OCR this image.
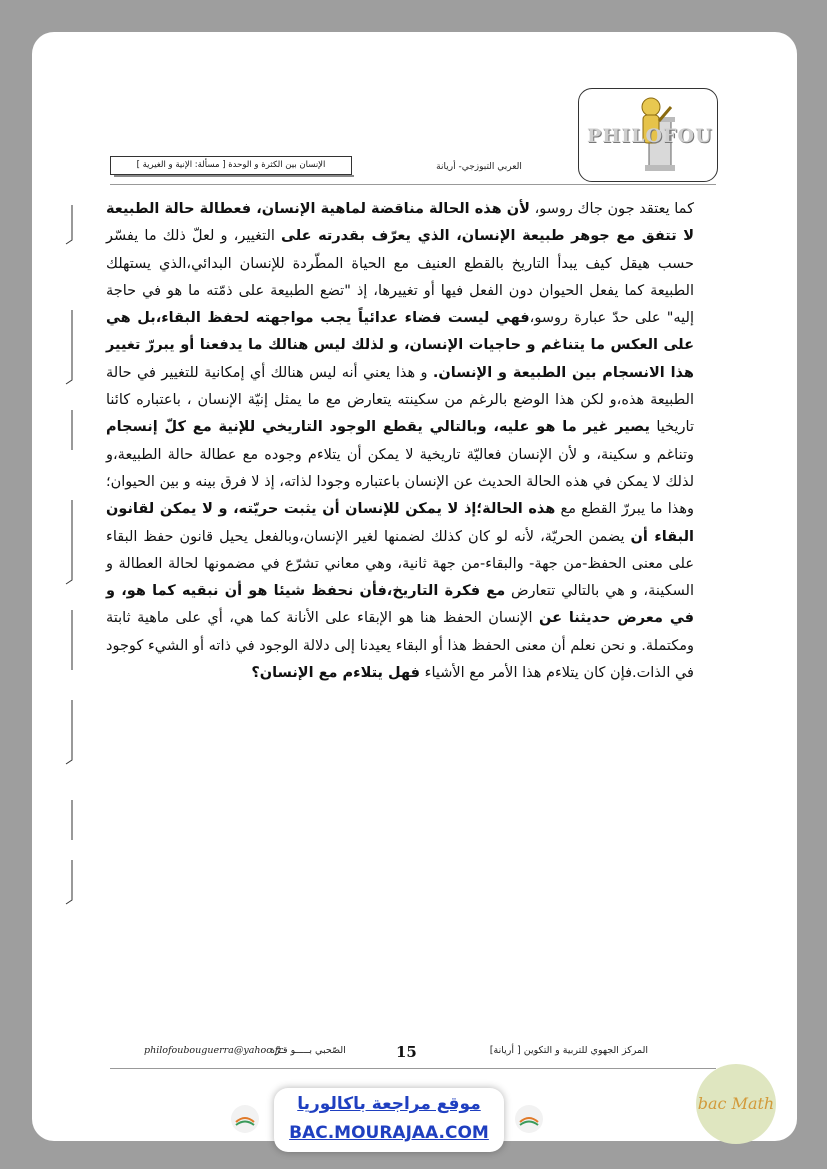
PHILOFOU
العربي التبوزجي- أريانة
الإنسان بين الكثرة و الوحدة [ مسألة: الإنية و الغيرية ]
كما يعتقد جون جاك روسو، لأن هذه الحالة مناقضة لماهية الإنسان، فعطالة حالة الطبيعة لا تتفق مع جوهر طبيعة الإنسان، الذي يعرّف بقدرته على التغيير، و لعلّ ذلك ما يفسّر حسب هيقل كيف يبدأ التاريخ بالقطع العنيف مع الحياة المطّردة للإنسان البدائي،الذي يستهلك الطبيعة كما يفعل الحيوان دون الفعل فيها أو تغييرها، إذ "تضع الطبيعة على ذمّته ما هو في حاجة إليه" على حدّ عبارة روسو،فهي ليست فضاء عدائياً يجب مواجهته لحفظ البقاء،بل هي على العكس ما يتناغم و حاجيات الإنسان، و لذلك ليس هنالك ما يدفعنا أو يبررّ تغيير هذا الانسجام بين الطبيعة و الإنسان. و هذا يعني أنه ليس هنالك أي إمكانية للتغيير في حالة الطبيعة هذه،و لكن هذا الوضع بالرغم من سكينته يتعارض مع ما يمثل إنيّة الإنسان ، باعتباره كائنا تاريخيا يصير غير ما هو عليه، وبالتالي يقطع الوجود التاريخي للإنية مع كلّ إنسجام وتناغم و سكينة، و لأن الإنسان فعاليّة تاريخية لا يمكن أن يتلاءم وجوده مع عطالة حالة الطبيعة،و لذلك لا يمكن في هذه الحالة الحديث عن الإنسان باعتباره وجودا لذاته، إذ لا فرق بينه و بين الحيوان؛ وهذا ما يبررّ القطع مع هذه الحالة؛إذ لا يمكن للإنسان أن يثبت حريّته، و لا يمكن لقانون البقاء أن يضمن الحريّة، لأنه لو كان كذلك لضمنها لغير الإنسان،وبالفعل يحيل قانون حفظ البقاء على معنى الحفظ-من جهة- والبقاء-من جهة ثانية، وهي معاني تشرّع في مضمونها لحالة العطالة و السكينة، و هي بالتالي تتعارض مع فكرة التاريخ،فأن نحفظ شيئا هو أن نبقيه كما هو، و في معرض حديثنا عن الإنسان الحفظ هنا هو الإبقاء على الأنانة كما هي، أي على ماهية ثابتة ومكتملة. و نحن نعلم أن معنى الحفظ هذا أو البقاء يعيدنا إلى دلالة الوجود في ذاته أو الشيء كوجود في الذات.فإن كان يتلاءم هذا الأمر مع الأشياء فهل يتلاءم مع الإنسان؟
philofoubouguerra@yahoo.fr
الصّحبي بـــــو قـرّة	15	المركز الجهوي للتربية و التكوين [ أريانة]
موقع مراجعة باكالوريا
BAC.MOURAJAA.COM
bac Math
